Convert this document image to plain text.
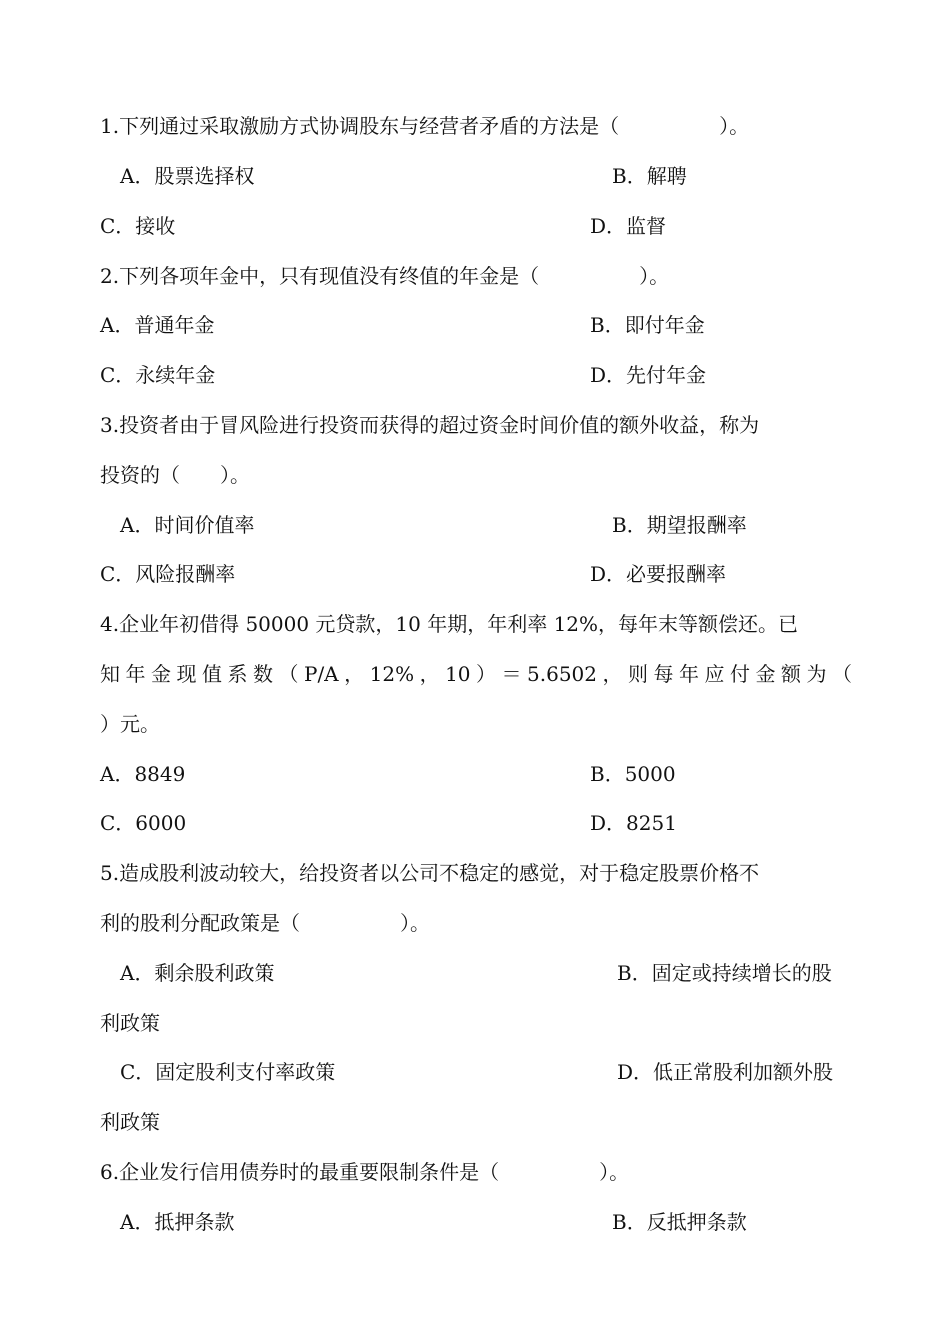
1.下列通过采取激励方式协调股东与经营者矛盾的方法是（　　　　　）。
A．股票选择权	B．解聘
C．接收	D．监督
2.下列各项年金中，只有现值没有终值的年金是（　　　　　）。
A．普通年金	B．即付年金
C．永续年金	D．先付年金
3.投资者由于冒风险进行投资而获得的超过资金时间价值的额外收益，称为
投资的（　　）。
A．时间价值率	B．期望报酬率
C．风险报酬率	D．必要报酬率
4.企业年初借得 50000 元贷款，10 年期，年利率 12%，每年末等额偿还。已
知年金现值系数（P/A，12%，10）＝5.6502，则每年应付金额为（
）元。
A．8849	B．5000
C．6000	D．8251
5.造成股利波动较大，给投资者以公司不稳定的感觉，对于稳定股票价格不
利的股利分配政策是（　　　　　）。
A．剩余股利政策	B．固定或持续增长的股
利政策
C．固定股利支付率政策	D．低正常股利加额外股
利政策
6.企业发行信用债券时的最重要限制条件是（　　　　　）。
A．抵押条款	B．反抵押条款
